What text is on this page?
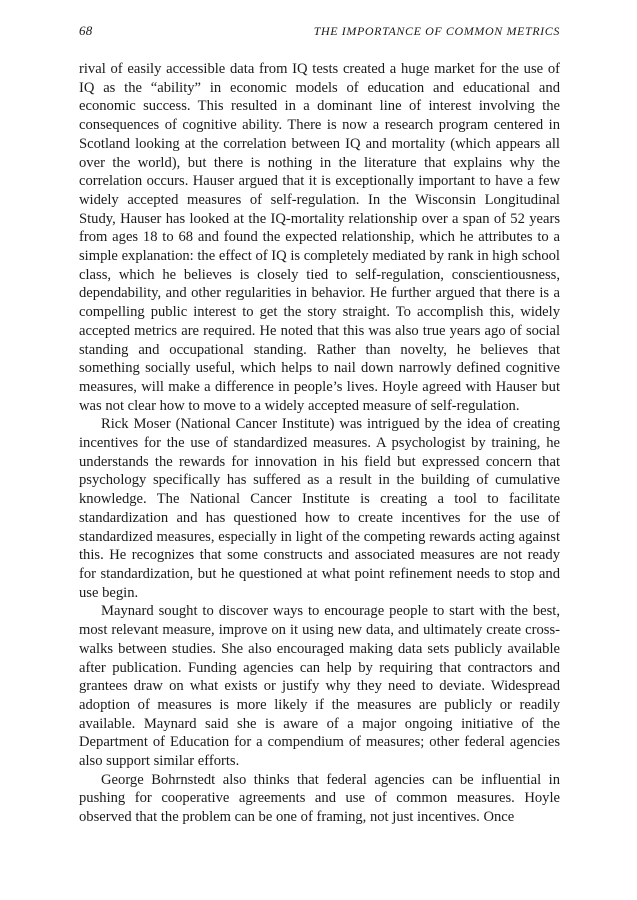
68	THE IMPORTANCE OF COMMON METRICS

rival of easily accessible data from IQ tests created a huge market for the use of IQ as the “ability” in economic models of education and educational and economic success. This resulted in a dominant line of interest involving the consequences of cognitive ability. There is now a research program centered in Scotland looking at the correlation between IQ and mortality (which appears all over the world), but there is nothing in the literature that explains why the correlation occurs. Hauser argued that it is exceptionally important to have a few widely accepted measures of self-regulation. In the Wisconsin Longitudinal Study, Hauser has looked at the IQ-mortality relationship over a span of 52 years from ages 18 to 68 and found the expected relationship, which he attributes to a simple explanation: the effect of IQ is completely mediated by rank in high school class, which he believes is closely tied to self-regulation, conscientiousness, dependability, and other regularities in behavior. He further argued that there is a compelling public interest to get the story straight. To accomplish this, widely accepted metrics are required. He noted that this was also true years ago of social standing and occupational standing. Rather than novelty, he believes that something socially useful, which helps to nail down narrowly defined cognitive measures, will make a difference in people’s lives. Hoyle agreed with Hauser but was not clear how to move to a widely accepted measure of self-regulation.

Rick Moser (National Cancer Institute) was intrigued by the idea of creating incentives for the use of standardized measures. A psychologist by training, he understands the rewards for innovation in his field but expressed concern that psychology specifically has suffered as a result in the building of cumulative knowledge. The National Cancer Institute is creating a tool to facilitate standardization and has questioned how to create incentives for the use of standardized measures, especially in light of the competing rewards acting against this. He recognizes that some constructs and associated measures are not ready for standardization, but he questioned at what point refinement needs to stop and use begin.

Maynard sought to discover ways to encourage people to start with the best, most relevant measure, improve on it using new data, and ultimately create cross-walks between studies. She also encouraged making data sets publicly available after publication. Funding agencies can help by requiring that contractors and grantees draw on what exists or justify why they need to deviate. Widespread adoption of measures is more likely if the measures are publicly or readily available. Maynard said she is aware of a major ongoing initiative of the Department of Education for a compendium of measures; other federal agencies also support similar efforts.

George Bohrnstedt also thinks that federal agencies can be influential in pushing for cooperative agreements and use of common measures. Hoyle observed that the problem can be one of framing, not just incentives. Once
